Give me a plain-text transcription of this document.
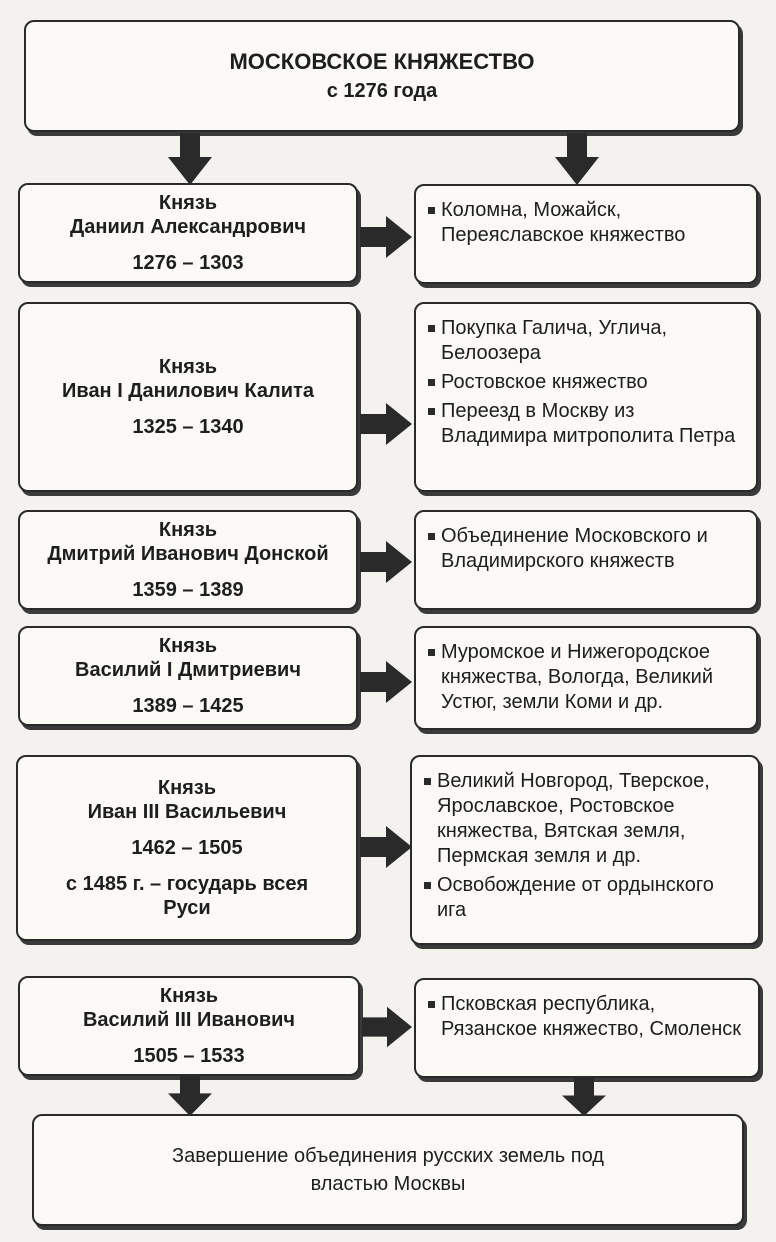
МОСКОВСКОЕ КНЯЖЕСТВО
с 1276 года
Князь
Даниил Александрович
1276 – 1303
Коломна, Можайск, Переяславское княжество
Князь
Иван I Данилович Калита
1325 – 1340
Покупка Галича, Углича, Белоозера
Ростовское княжество
Переезд в Москву из Владимира митрополита Петра
Князь
Дмитрий Иванович Донской
1359 – 1389
Объединение Московского и Владимирского княжеств
Князь
Василий I Дмитриевич
1389 – 1425
Муромское и Нижегородское княжества, Вологда, Великий Устюг, земли Коми и др.
Князь
Иван III Васильевич
1462 – 1505
с 1485 г. – государь всея Руси
Великий Новгород, Тверское, Ярославское, Ростовское княжества, Вятская земля, Пермская земля и др.
Освобождение от ордынского ига
Князь
Василий III Иванович
1505 – 1533
Псковская республика, Рязанское княжество, Смоленск
Завершение объединения русских земель под властью Москвы
